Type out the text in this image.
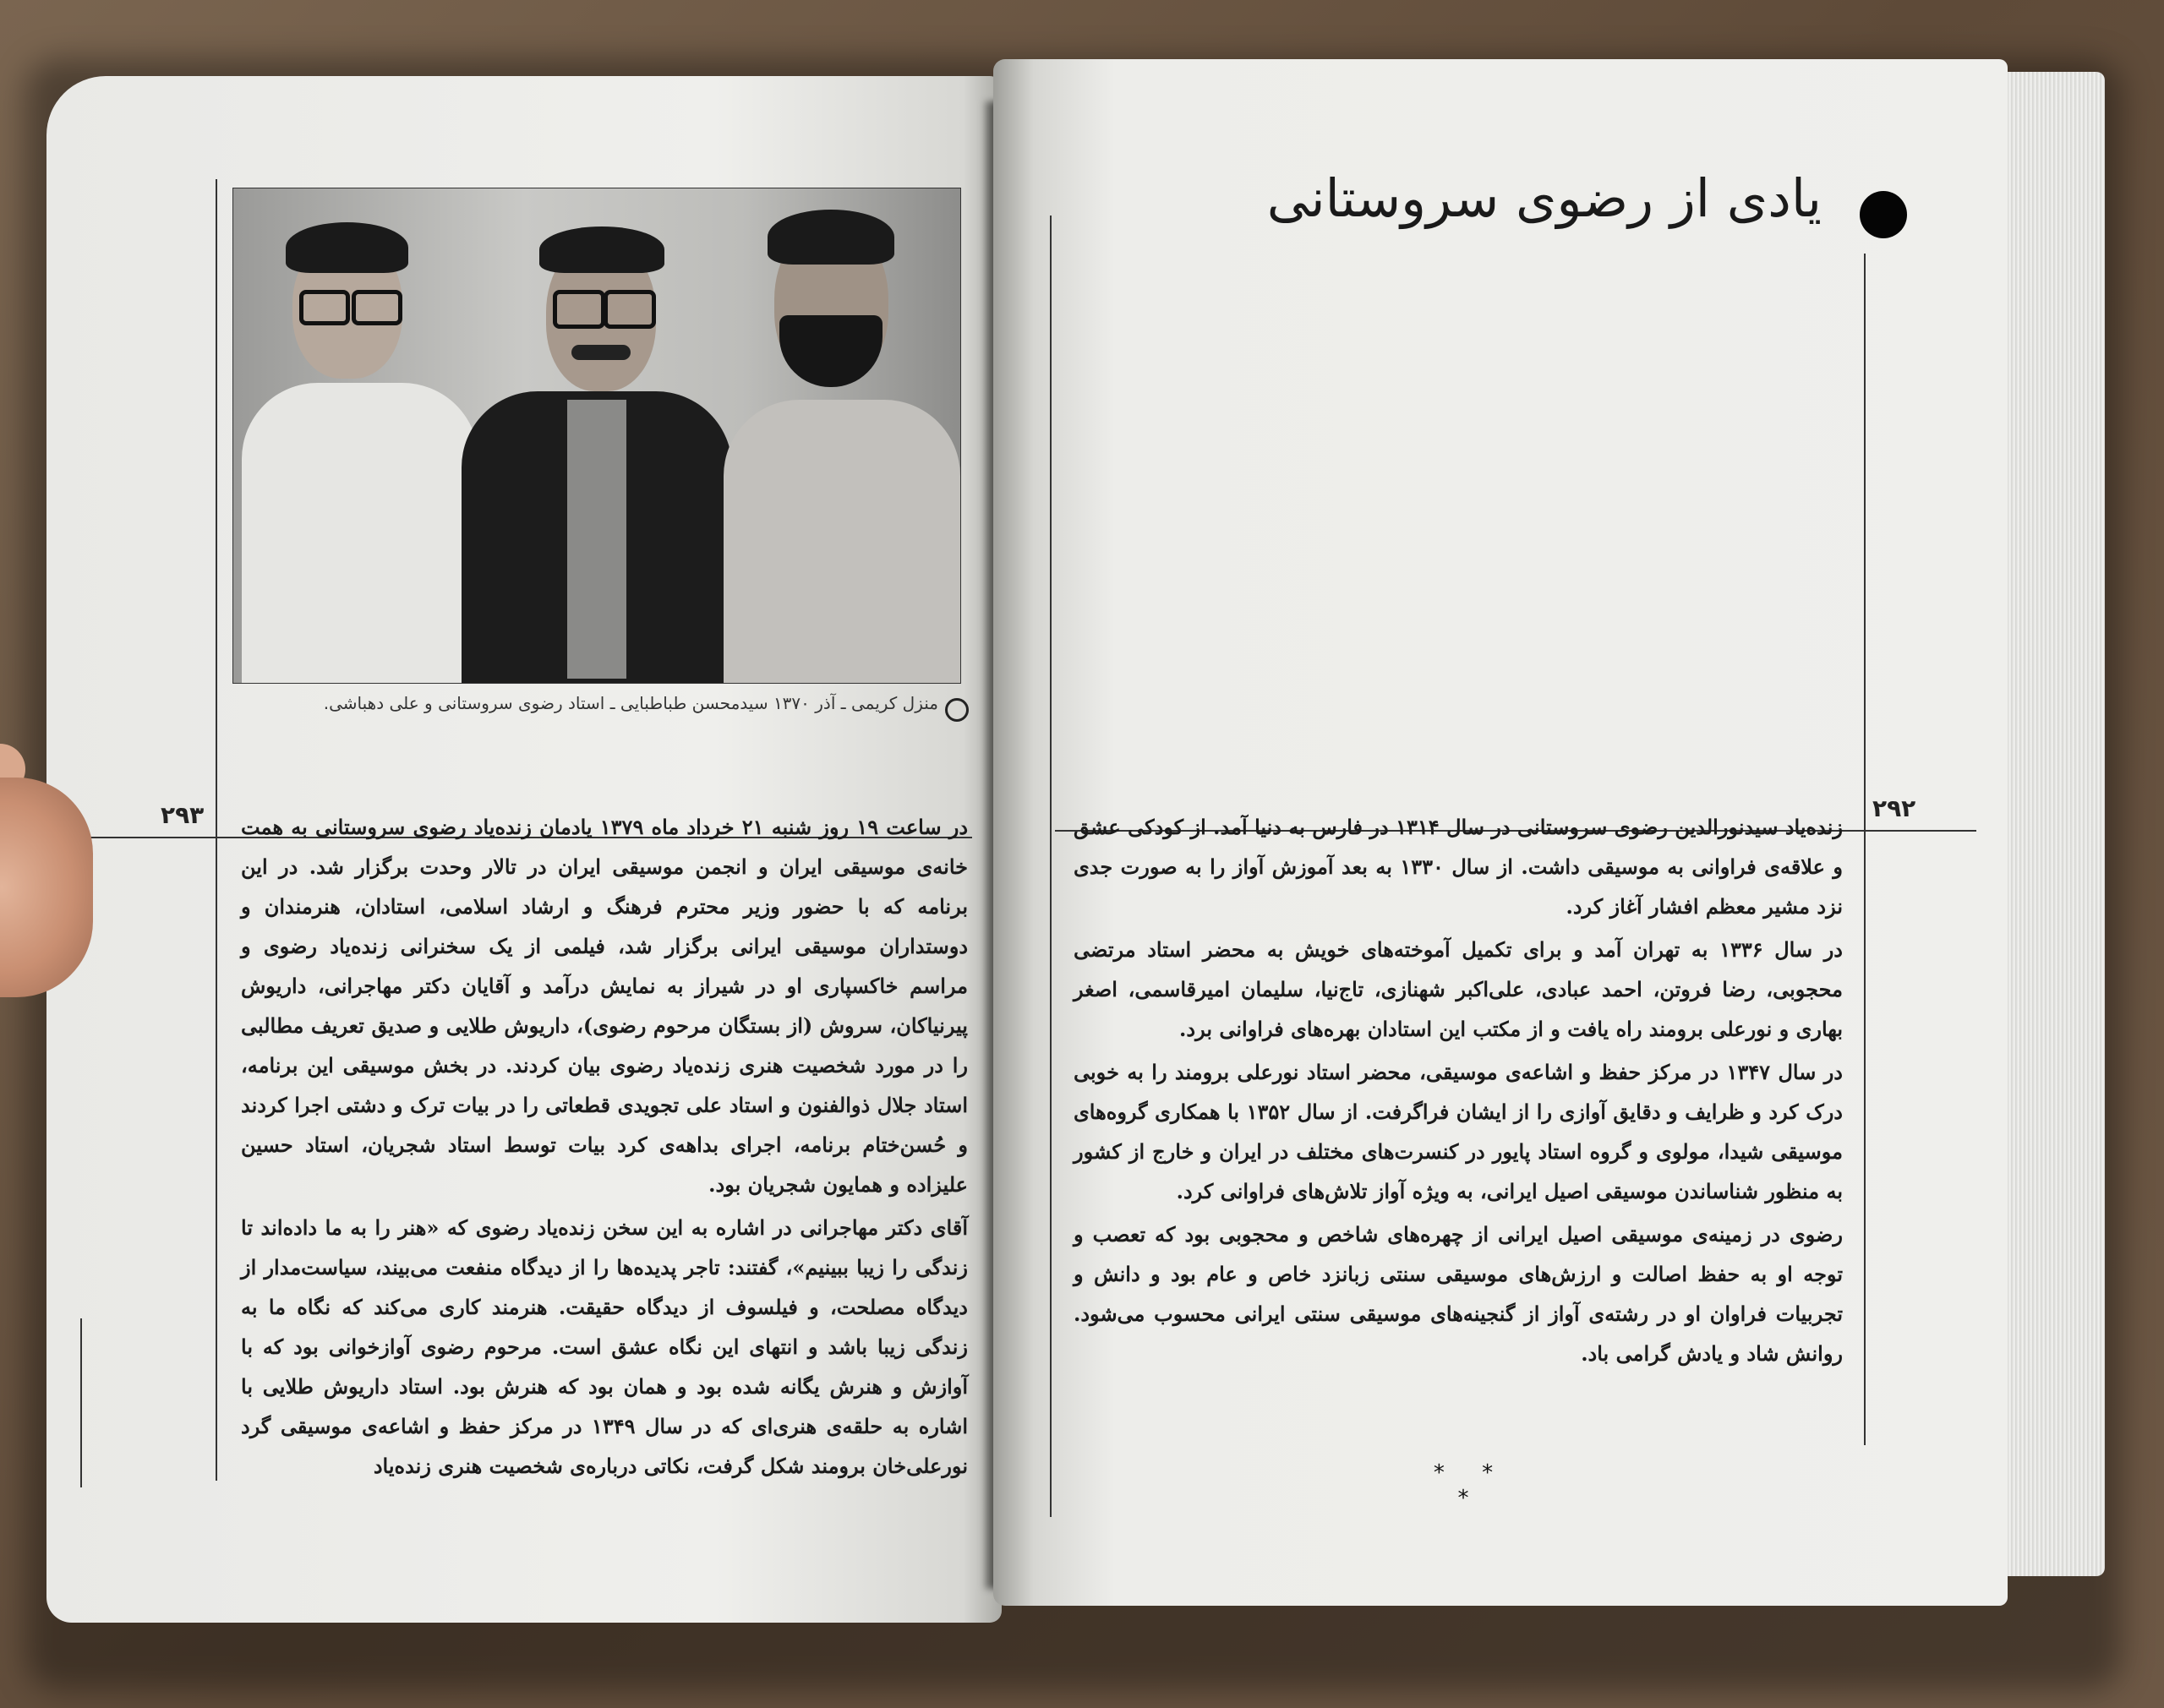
منزل کریمی ـ آذر ۱۳۷۰ سیدمحسن طباطبایی ـ استاد رضوی سروستانی و علی دهباشی.
۲۹۳ در ساعت ۱۹ روز شنبه ۲۱ خرداد ماه ۱۳۷۹ یادمان زنده‌یاد رضوی سروستانی به همت خانه‌ی موسیقی ایران و انجمن موسیقی ایران در تالار وحدت برگزار شد. در این برنامه که با حضور وزیر محترم فرهنگ و ارشاد اسلامی، استادان، هنرمندان و دوستداران موسیقی ایرانی برگزار شد، فیلمی از یک سخنرانی زنده‌یاد رضوی و مراسم خاکسپاری او در شیراز به نمایش درآمد و آقایان دکتر مهاجرانی، داریوش پیرنیاکان، سروش (از بستگان مرحوم رضوی)، داریوش طلایی و صدیق تعریف مطالبی را در مورد شخصیت هنری زنده‌یاد رضوی بیان کردند. در بخش موسیقی این برنامه، استاد جلال ذوالفنون و استاد علی تجویدی قطعاتی را در بیات ترک و دشتی اجرا کردند و حُسن‌ختام برنامه، اجرای بداهه‌ی کرد بیات توسط استاد شجریان، استاد حسین علیزاده و همایون شجریان بود.

آقای دکتر مهاجرانی در اشاره به این سخن زنده‌یاد رضوی که «هنر را به ما داده‌اند تا زندگی را زیبا ببینیم»، گفتند: تاجر پدیده‌ها را از دیدگاه منفعت می‌بیند، سیاست‌مدار از دیدگاه مصلحت، و فیلسوف از دیدگاه حقیقت. هنرمند کاری می‌کند که نگاه ما به زندگی زیبا باشد و انتهای این نگاه عشق است. مرحوم رضوی آوازخوانی بود که با آوازش و هنرش یگانه شده بود و همان بود که هنرش بود. استاد داریوش طلایی با اشاره به حلقه‌ی هنری‌ای که در سال ۱۳۴۹ در مرکز حفظ و اشاعه‌ی موسیقی گرد نورعلی‌خان برومند شکل گرفت، نکاتی درباره‌ی شخصیت هنری زنده‌یاد

یادی از رضوی سروستانی
۲۹۲

زنده‌یاد سیدنورالدین رضوی سروستانی در سال ۱۳۱۴ در فارس به دنیا آمد. از کودکی عشق و علاقه‌ی فراوانی به موسیقی داشت. از سال ۱۳۳۰ به بعد آموزش آواز را به صورت جدی نزد مشیر معظم افشار آغاز کرد.

در سال ۱۳۳۶ به تهران آمد و برای تکمیل آموخته‌های خویش به محضر استاد مرتضی محجوبی، رضا فروتن، احمد عبادی، علی‌اکبر شهنازی، تاج‌نیا، سلیمان امیرقاسمی، اصغر بهاری و نورعلی برومند راه یافت و از مکتب این استادان بهره‌های فراوانی برد.

در سال ۱۳۴۷ در مرکز حفظ و اشاعه‌ی موسیقی، محضر استاد نورعلی برومند را به خوبی درک کرد و ظرایف و دقایق آوازی را از ایشان فراگرفت. از سال ۱۳۵۲ با همکاری گروه‌های موسیقی شیدا، مولوی و گروه استاد پایور در کنسرت‌های مختلف در ایران و خارج از کشور به منظور شناساندن موسیقی اصیل ایرانی، به ویژه آواز تلاش‌های فراوانی کرد.

رضوی در زمینه‌ی موسیقی اصیل ایرانی از چهره‌های شاخص و محجوبی بود که تعصب و توجه او به حفظ اصالت و ارزش‌های موسیقی سنتی زبانزد خاص و عام بود و دانش و تجربیات فراوان او در رشته‌ی آواز از گنجینه‌های موسیقی سنتی ایرانی محسوب می‌شود. روانش شاد و یادش گرامی باد.

* * *
